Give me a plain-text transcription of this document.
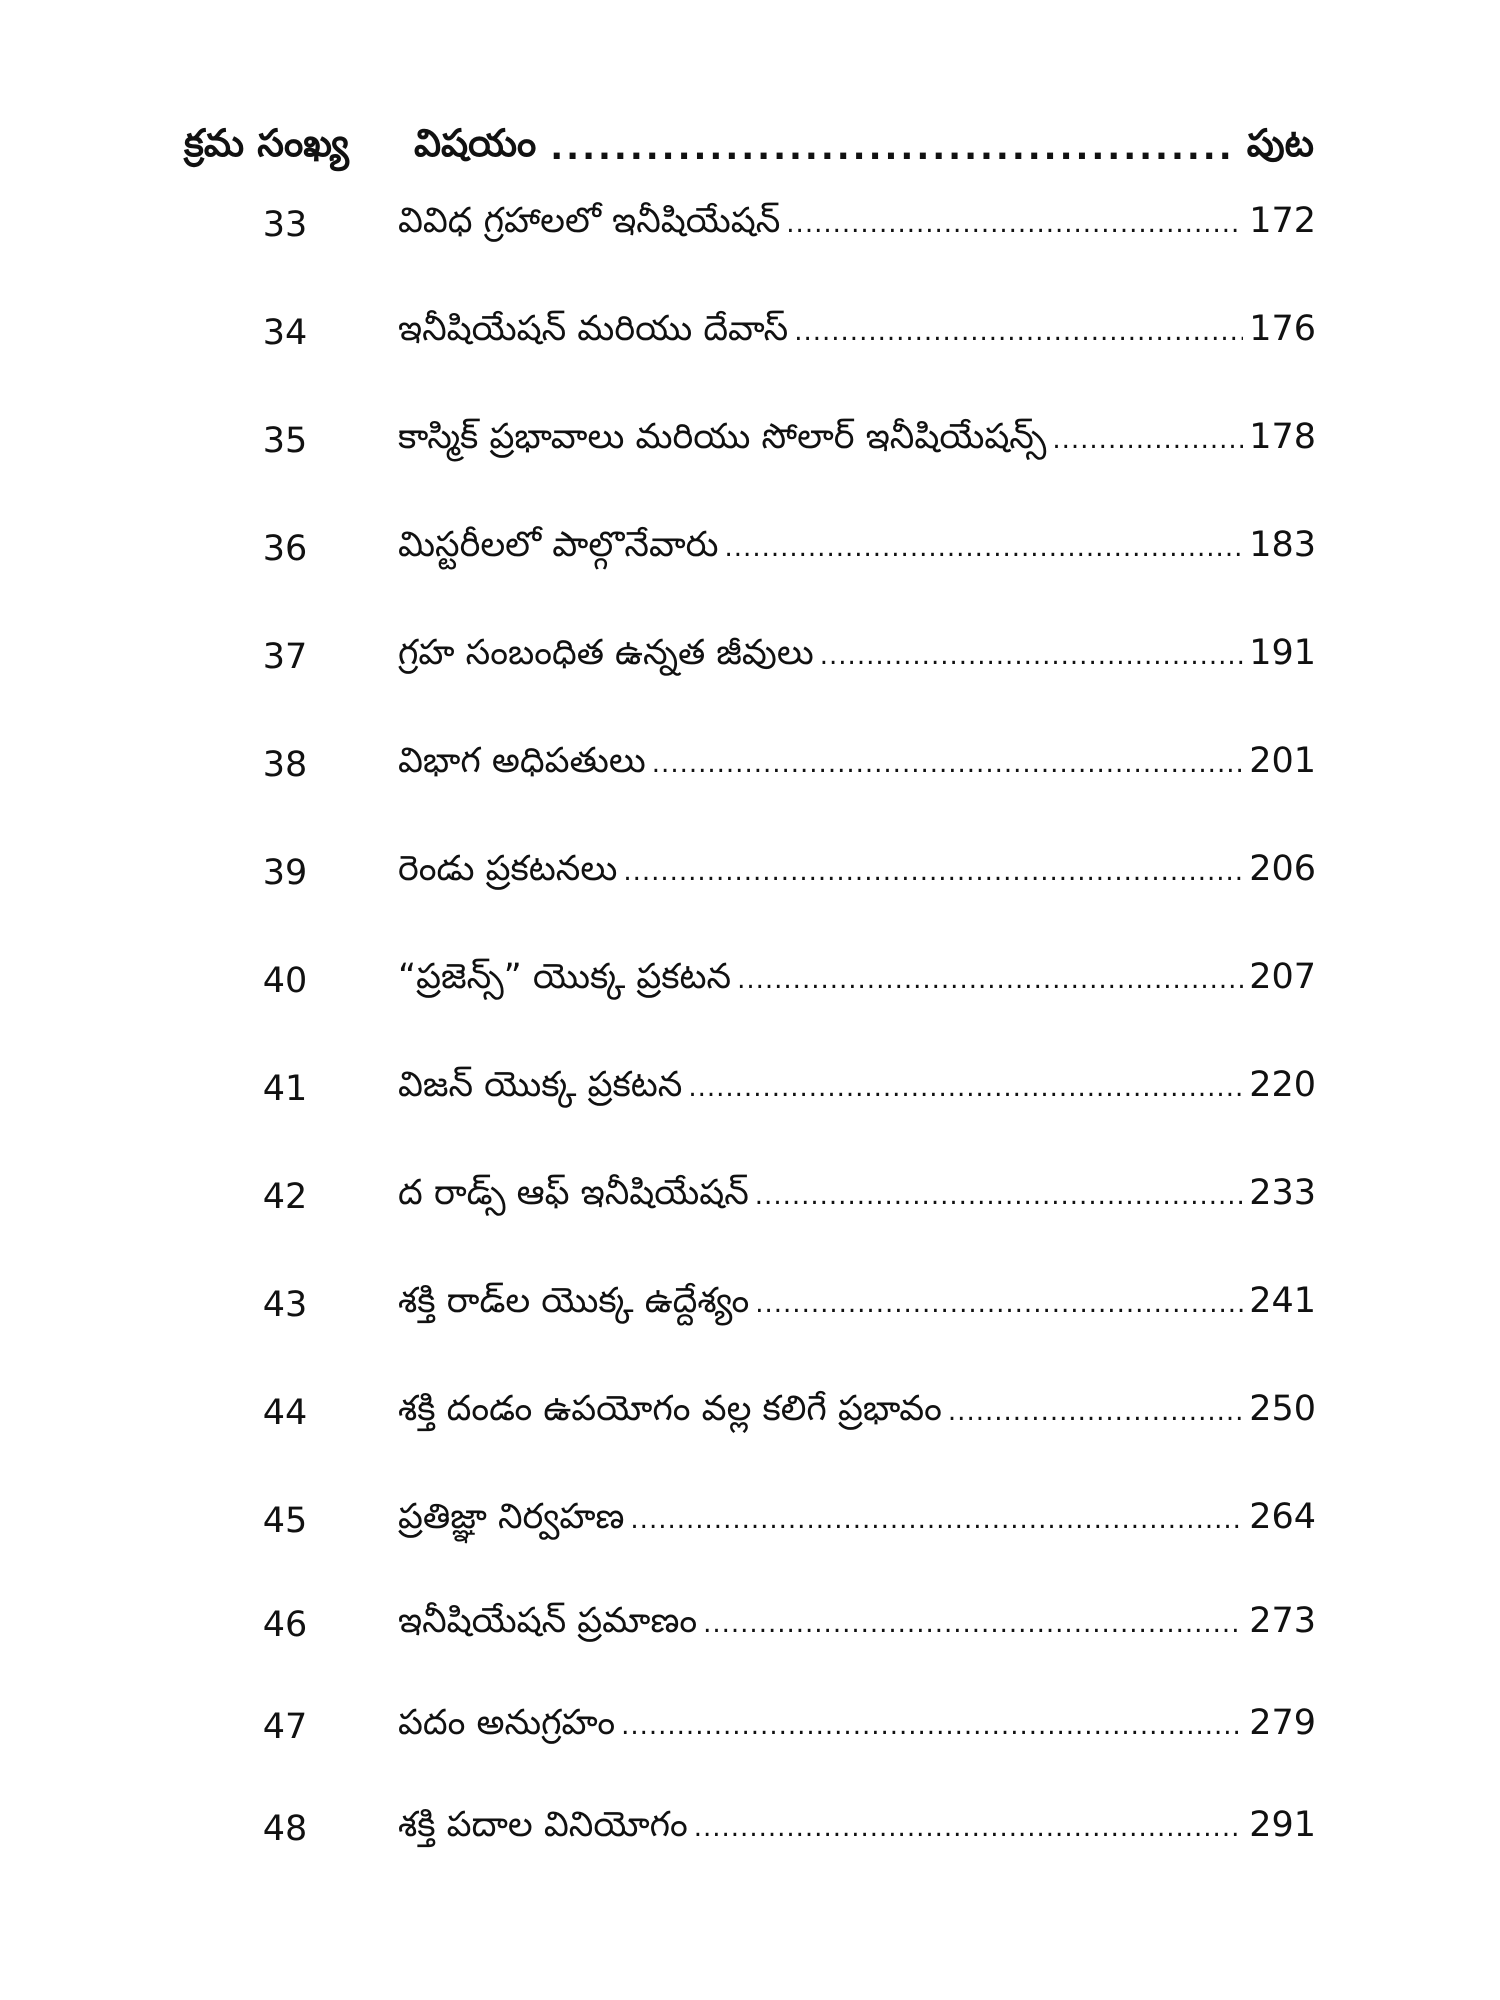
క్రమ సంఖ్య	విషయం .....	పుట
33	వివిధ గ్రహాలలో ఇనీషియేషన్ .....	172
34	ఇనీషియేషన్ మరియు దేవాస్ .....	176
35	కాస్మిక్ ప్రభావాలు మరియు సోలార్ ఇనీషియేషన్స్ .....	178
36	మిస్టరీలలో పాల్గొనేవారు .....	183
37	గ్రహ సంబంధిత ఉన్నత జీవులు .....	191
38	విభాగ అధిపతులు .....	201
39	రెండు ప్రకటనలు .....	206
40	“ప్రజెన్స్” యొక్క ప్రకటన .....	207
41	విజన్ యొక్క ప్రకటన .....	220
42	ద రాడ్స్ ఆఫ్ ఇనీషియేషన్ .....	233
43	శక్తి రాడ్‌ల యొక్క ఉద్దేశ్యం .....	241
44	శక్తి దండం ఉపయోగం వల్ల కలిగే ప్రభావం .....	250
45	ప్రతిజ్ఞా నిర్వహణ .....	264
46	ఇనీషియేషన్ ప్రమాణం .....	273
47	పదం అనుగ్రహం .....	279
48	శక్తి పదాల వినియోగం .....	291
